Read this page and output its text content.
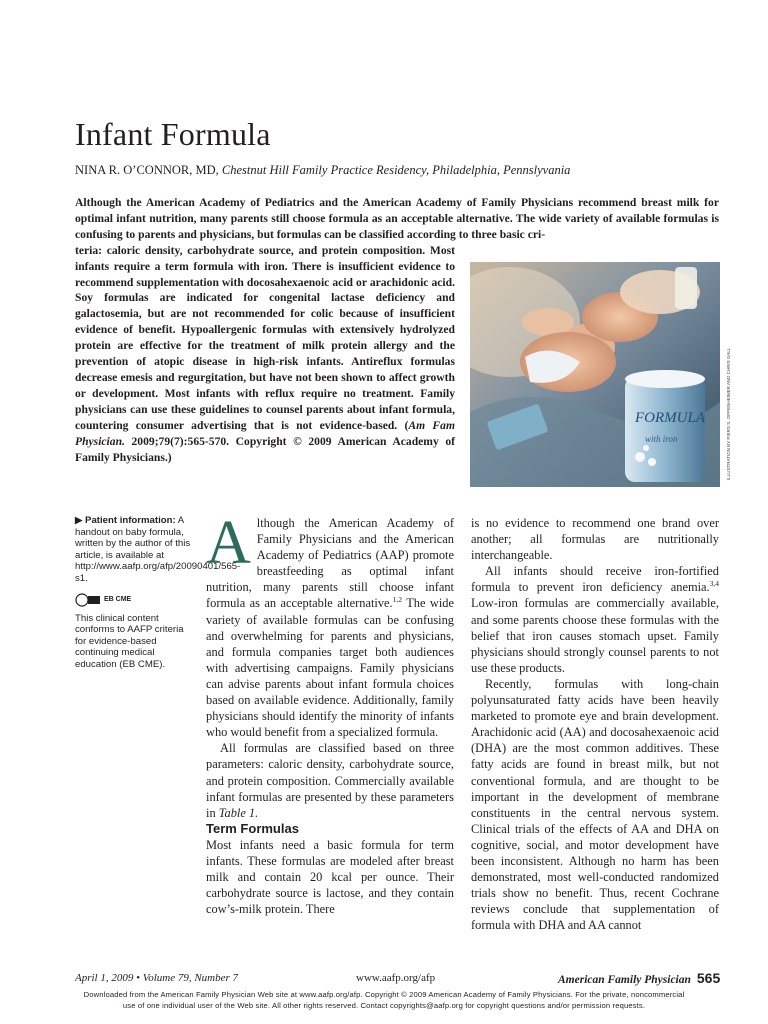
Infant Formula
NINA R. O’CONNOR, MD, Chestnut Hill Family Practice Residency, Philadelphia, Pennslyvania
Although the American Academy of Pediatrics and the American Academy of Family Physicians recommend breast milk for optimal infant nutrition, many parents still choose formula as an acceptable alternative. The wide variety of available formulas is confusing to parents and physicians, but formulas can be classified according to three basic cri-
teria: caloric density, carbohydrate source, and protein composition. Most infants require a term formula with iron. There is insufficient evidence to recommend supplementation with docosahexaenoic acid or arachidonic acid. Soy formulas are indicated for congenital lactase deficiency and galactosemia, but are not recommended for colic because of insufficient evidence of benefit. Hypoallergenic formulas with extensively hydrolyzed protein are effective for the treatment of milk protein allergy and the prevention of atopic disease in high-risk infants. Antireflux formulas decrease emesis and regurgitation, but have not been shown to affect growth or development. Most infants with reflux require no treatment. Family physicians can use these guidelines to counsel parents about infant formula, countering consumer advertising that is not evidence-based. (Am Fam Physician. 2009;79(7):565-570. Copyright © 2009 American Academy of Family Physicians.)
FORMULA
with iron	ILLUSTRATION BY PIERS S. OPPENHEIMER AND CHRIS GALL
▶ Patient information: A handout on baby formula, written by the author of this article, is available at http://www.aafp.org/afp/20090401/565-s1.
EB CME
This clinical content conforms to AAFP criteria for evidence-based continuing medical education (EB CME).

Although the American Academy of Family Physicians and the American Academy of Pediatrics (AAP) promote breastfeeding as optimal infant nutrition, many parents still choose infant formula as an acceptable alternative.$^{1,2}$ The wide variety of available formulas can be confusing and overwhelming for parents and physicians, and formula companies target both audiences with advertising campaigns. Family physicians can advise parents about infant formula choices based on available evidence. Additionally, family physicians should identify the minority of infants who would benefit from a specialized formula.

All formulas are classified based on three parameters: caloric density, carbohydrate source, and protein composition. Commercially available infant formulas are presented by these parameters in Table 1.

Term Formulas

Most infants need a basic formula for term infants. These formulas are modeled after breast milk and contain 20 kcal per ounce. Their carbohydrate source is lactose, and they contain cow’s-milk protein. There

is no evidence to recommend one brand over another; all formulas are nutritionally interchangeable.

All infants should receive iron-fortified formula to prevent iron deficiency anemia.$^{3,4}$ Low-iron formulas are commercially available, and some parents choose these formulas with the belief that iron causes stomach upset. Family physicians should strongly counsel parents to not use these products.

Recently, formulas with long-chain polyunsaturated fatty acids have been heavily marketed to promote eye and brain development. Arachidonic acid (AA) and docosahexaenoic acid (DHA) are the most common additives. These fatty acids are found in breast milk, but not conventional formula, and are thought to be important in the development of membrane constituents in the central nervous system. Clinical trials of the effects of AA and DHA on cognitive, social, and motor development have been inconsistent. Although no harm has been demonstrated, most well-conducted randomized trials show no benefit. Thus, recent Cochrane reviews conclude that supplementation of formula with DHA and AA cannot

April 1, 2009 • Volume 79, Number 7	www.aafp.org/afp	American Family Physician 565
Downloaded from the American Family Physician Web site at www.aafp.org/afp. Copyright © 2009 American Academy of Family Physicians. For the private, noncommercial
use of one individual user of the Web site. All other rights reserved. Contact copyrights@aafp.org for copyright questions and/or permission requests.
